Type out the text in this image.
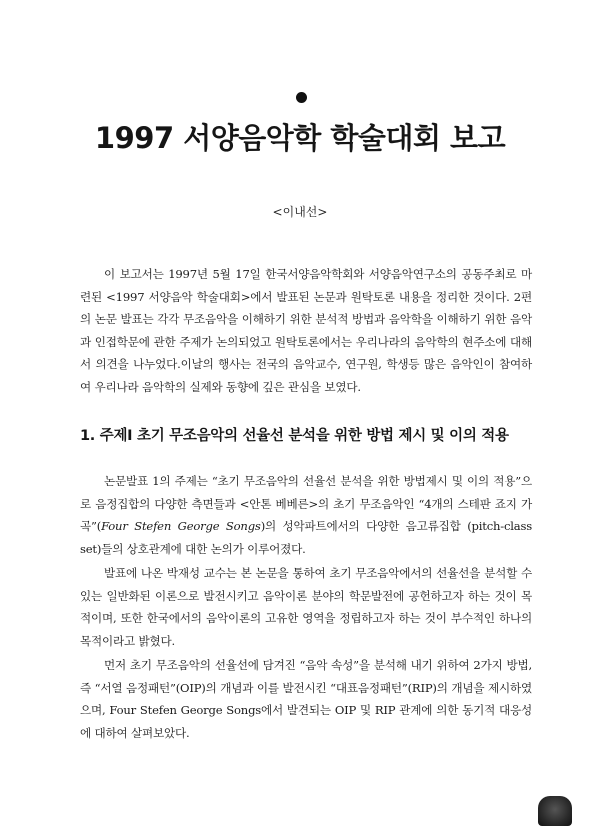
1997 서양음악학 학술대회 보고
<이내선>

이 보고서는 1997년 5월 17일 한국서양음악학회와 서양음악연구소의 공동주최로 마련된 <1997 서양음악 학술대회>에서 발표된 논문과 원탁토론 내용을 정리한 것이다. 2편의 논문 발표는 각각 무조음악을 이해하기 위한 분석적 방법과 음악학을 이해하기 위한 음악과 인접학문에 관한 주제가 논의되었고 원탁토론에서는 우리나라의 음악학의 현주소에 대해서 의견을 나누었다.이날의 행사는 전국의 음악교수, 연구원, 학생등 많은 음악인이 참여하여 우리나라 음악학의 실제와 동향에 깊은 관심을 보였다.

1. 주제Ⅰ 초기 무조음악의 선율선 분석을 위한 방법 제시 및 이의 적용

논문발표 1의 주제는 “초기 무조음악의 선율선 분석을 위한 방법제시 및 이의 적용”으로 음정집합의 다양한 측면들과 <안톤 베베른>의 초기 무조음악인 “4개의 스테판 죠지 가곡”(Four Stefen George Songs)의 성악파트에서의 다양한 음고류집합 (pitch-class set)들의 상호관계에 대한 논의가 이루어졌다.

발표에 나온 박재성 교수는 본 논문을 통하여 초기 무조음악에서의 선율선을 분석할 수 있는 일반화된 이론으로 발전시키고 음악이론 분야의 학문발전에 공헌하고자 하는 것이 목적이며, 또한 한국에서의 음악이론의 고유한 영역을 정립하고자 하는 것이 부수적인 하나의 목적이라고 밝혔다.

먼저 초기 무조음악의 선율선에 담겨진 “음악 속성”을 분석해 내기 위하여 2가지 방법, 즉 “서열 음정패턴”(OIP)의 개념과 이를 발전시킨 “대표음정패턴”(RIP)의 개념을 제시하였으며, Four Stefen George Songs에서 발견되는 OIP 및 RIP 관계에 의한 동기적 대응성에 대하여 살펴보았다.
